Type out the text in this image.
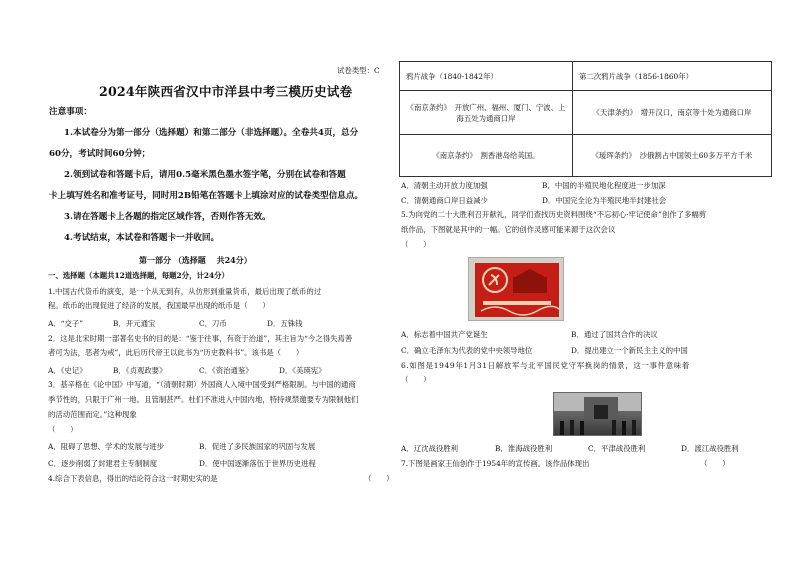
试卷类型：C
2024年陕西省汉中市洋县中考三模历史试卷
注意事项：
1.本试卷分为第一部分（选择题）和第二部分（非选择题）。全卷共4页，总分
60分，考试时间60分钟；
2.领到试卷和答题卡后，请用0.5毫米黑色墨水签字笔，分别在试卷和答题
卡上填写姓名和准考证号，同时用2B铅笔在答题卡上填涂对应的试卷类型信息点。
3.请在答题卡上各题的指定区域作答，否则作答无效。
4.考试结束，本试卷和答题卡一并收回。
第一部分 （选择题　 共24分）
一、选择题（本题共12道选择题，每题2分，计24分）
1.中国古代货币的演变，是一个从无到有，从仿形到重量货币，最后出现了纸币的过
程。纸币的出现促进了经济的发展，我国最早出现的纸币是（　　）
A．“交子”	B．开元通宝	C．刀币	D．五铢钱
2．这是北宋时期一部著名史书的目的是：“鉴于往事，有资于治道”，其主旨为“今之得失焉善
者可为法，恶者为戒”，此后历代帝王以此书为“历史教科书”。该书是（　　）
A．《史记》	B．《贞观政要》	C．《资治通鉴》	D．《美瑛宪》
3．基辛格在《论中国》中写道，“（清朝时期）外国商人入境中国受到严格限制。与中国的通商
季节性的，只限于广州一地。且管制甚严。杜们不准进入中国内地，特持规禁邀要专为限制他们
的活动范围而定。”这种现象
（　　）
A．阻碍了思想、学术的发展与进步	B．促进了多民族国家的巩固与发展
C．逐步削弱了封建君主专制制度	D．使中国逐渐落伍于世界历史进程
4.综合下表信息，得出的结论符合这一时期史实的是	（　　）
鸦片战争（1840-1842年）	第二次鸦片战争（1856-1860年）
《南京条约》　开放广州、福州、厦门、宁波、上海五处为通商口岸	《天津条约》　增开汉口，南京等十处为通商口岸
《南京条约》　割香港岛给英国。	《瑷珲条约》　沙俄割占中国领土60多万平方千米
A．清朝主动开放力度加强	B．中国的半殖民地化程度进一步加深
C．清朝通商口岸日益减少	D．中国完全沦为半殖民地半封建社会
5.为向党的二十大胜利召开献礼，同学们查找历史资料围绕“不忘初心·牢记使命”创作了多幅剪
纸作品，下图就是其中的一幅。它的创作灵感可能来源于这次会议
（　　）
A．标志着中国共产党诞生	B．通过了国共合作的决议
C．确立毛泽东为代表的党中央领导地位	D．提出建立一个新民主主义的中国
6.如图是1949年1月31日解放军与北平国民党守军换岗的情景，这一事件意味着
（　　）
A．辽沈战役胜利	B．淮海战役胜利	C．平津战役胜利	D．渡江战役胜利
7.下图是画家王仙创作于1954年的宣传画。该作品体现出	（　　）
